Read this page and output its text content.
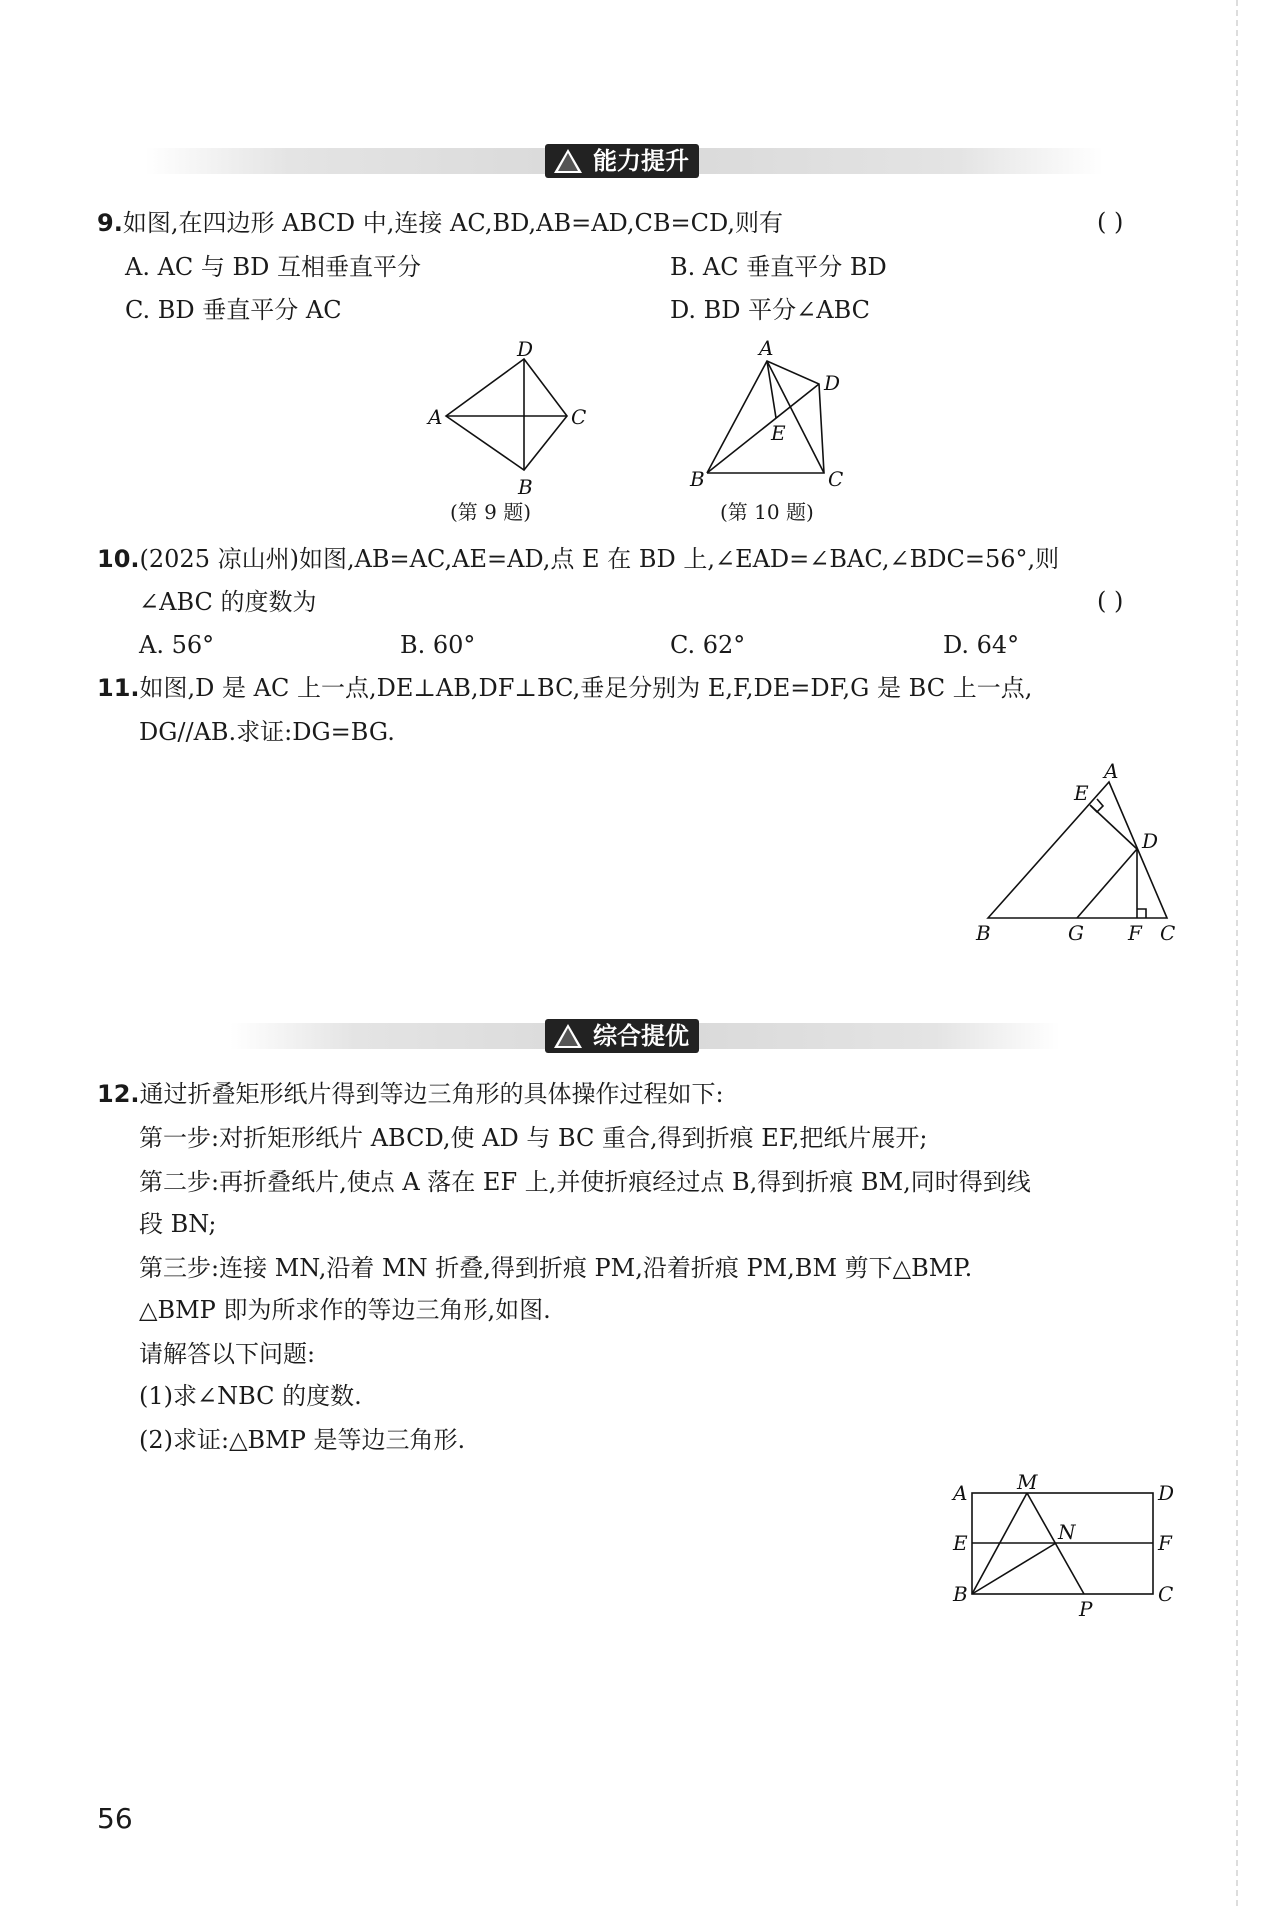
能力提升
9.如图,在四边形 ABCD 中,连接 AC,BD,AB=AD,CB=CD,则有	( )
A. AC 与 BD 互相垂直平分	B. AC 垂直平分 BD
C. BD 垂直平分 AC	D. BD 平分∠ABC
(第 9 题)	(第 10 题)
10.(2025 凉山州)如图,AB=AC,AE=AD,点 E 在 BD 上,∠EAD=∠BAC,∠BDC=56°,则
∠ABC 的度数为	( )
A. 56°	B. 60°	C. 62°	D. 64°
11.如图,D 是 AC 上一点,DE⊥AB,DF⊥BC,垂足分别为 E,F,DE=DF,G 是 BC 上一点,
DG//AB.求证:DG=BG.
综合提优
12.通过折叠矩形纸片得到等边三角形的具体操作过程如下:
第一步:对折矩形纸片 ABCD,使 AD 与 BC 重合,得到折痕 EF,把纸片展开;
第二步:再折叠纸片,使点 A 落在 EF 上,并使折痕经过点 B,得到折痕 BM,同时得到线
段 BN;
第三步:连接 MN,沿着 MN 折叠,得到折痕 PM,沿着折痕 PM,BM 剪下△BMP.
△BMP 即为所求作的等边三角形,如图.
请解答以下问题:
(1)求∠NBC 的度数.
(2)求证:△BMP 是等边三角形.
A
B
C
D	A
B	C
D
E
A
B	C
D
E
F
G
A
B	C
D
E	F
M
N
P
56
